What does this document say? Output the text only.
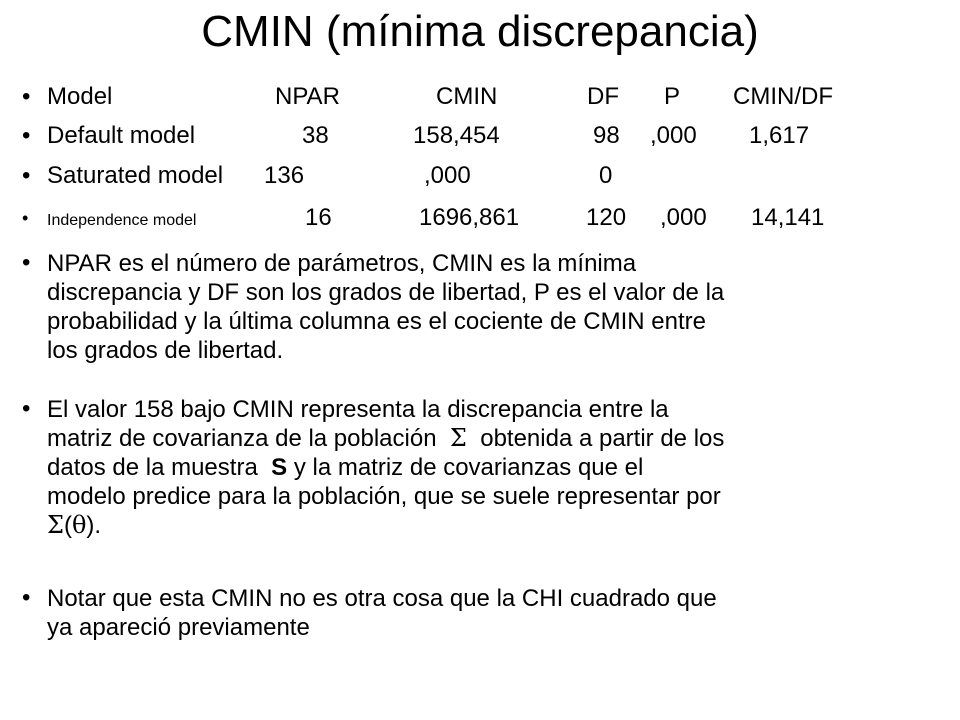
CMIN (mínima discrepancia)
• Model	NPAR	CMIN	DF P CMIN/DF
• Default model	38	158,454	98 ,000 1,617
• Saturated model 136	,000	0
• Independence model	16	1696,861	120 ,000 14,141
• NPAR es el número de parámetros, CMIN es la mínima
discrepancia y DF son los grados de libertad, P es el valor de la
probabilidad y la última columna es el cociente de CMIN entre
los grados de libertad.
• El valor 158 bajo CMIN representa la discrepancia entre la
matriz de covarianza de la población Σ obtenida a partir de los
datos de la muestra S y la matriz de covarianzas que el
modelo predice para la población, que se suele representar por
Σ(θ).
• Notar que esta CMIN no es otra cosa que la CHI cuadrado que
ya apareció previamente
